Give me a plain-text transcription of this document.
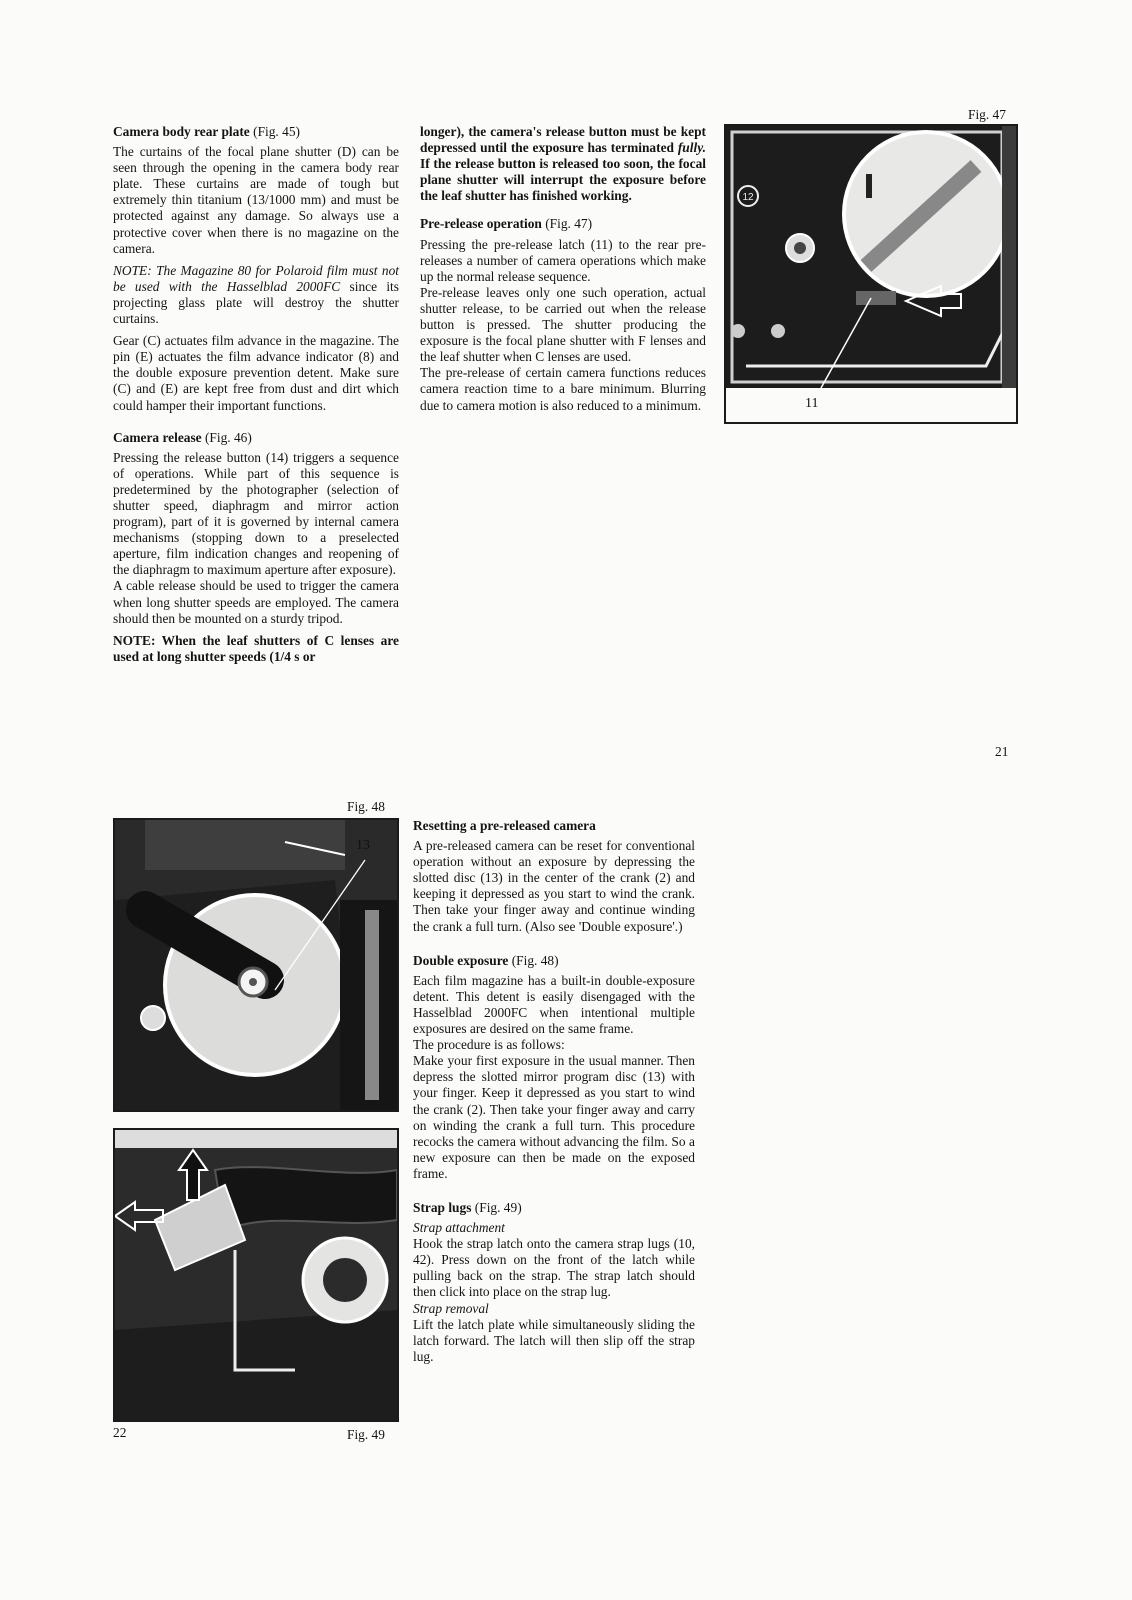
Camera body rear plate (Fig. 45)

The curtains of the focal plane shutter (D) can be seen through the opening in the camera body rear plate. These curtains are made of tough but extremely thin titanium (13/1000 mm) and must be protected against any damage. So always use a protective cover when there is no magazine on the camera.

NOTE: The Magazine 80 for Polaroid film must not be used with the Hasselblad 2000FC since its projecting glass plate will destroy the shutter curtains.

Gear (C) actuates film advance in the magazine. The pin (E) actuates the film advance indicator (8) and the double exposure prevention detent. Make sure (C) and (E) are kept free from dust and dirt which could hamper their important functions.

Camera release (Fig. 46)

Pressing the release button (14) triggers a sequence of operations. While part of this sequence is predetermined by the photographer (selection of shutter speed, diaphragm and mirror action program), part of it is governed by internal camera mechanisms (stopping down to a preselected aperture, film indication changes and reopening of the diaphragm to maximum aperture after exposure).

A cable release should be used to trigger the camera when long shutter speeds are employed. The camera should then be mounted on a sturdy tripod.

NOTE: When the leaf shutters of C lenses are used at long shutter speeds (1/4 s or

longer), the camera's release button must be kept depressed until the exposure has terminated fully. If the release button is released too soon, the focal plane shutter will interrupt the exposure before the leaf shutter has finished working.

Pre-release operation (Fig. 47)

Pressing the pre-release latch (11) to the rear pre-releases a number of camera operations which make up the normal release sequence.

Pre-release leaves only one such operation, actual shutter release, to be carried out when the release button is pressed. The shutter producing the exposure is the focal plane shutter with F lenses and the leaf shutter when C lenses are used.

The pre-release of certain camera functions reduces camera reaction time to a bare minimum. Blurring due to camera motion is also reduced to a minimum.

Fig. 47
12
11
21
Fig. 48
13
22	Fig. 49
Resetting a pre-released camera

A pre-released camera can be reset for conventional operation without an exposure by depressing the slotted disc (13) in the center of the crank (2) and keeping it depressed as you start to wind the crank. Then take your finger away and continue winding the crank a full turn. (Also see 'Double exposure'.)

Double exposure (Fig. 48)

Each film magazine has a built-in double-exposure detent. This detent is easily disengaged with the Hasselblad 2000FC when intentional multiple exposures are desired on the same frame.

The procedure is as follows:

Make your first exposure in the usual manner. Then depress the slotted mirror program disc (13) with your finger. Keep it depressed as you start to wind the crank (2). Then take your finger away and carry on winding the crank a full turn. This procedure recocks the camera without advancing the film. So a new exposure can then be made on the exposed frame.

Strap lugs (Fig. 49)

Strap attachment

Hook the strap latch onto the camera strap lugs (10, 42). Press down on the front of the latch while pulling back on the strap. The strap latch should then click into place on the strap lug.

Strap removal

Lift the latch plate while simultaneously sliding the latch forward. The latch will then slip off the strap lug.
